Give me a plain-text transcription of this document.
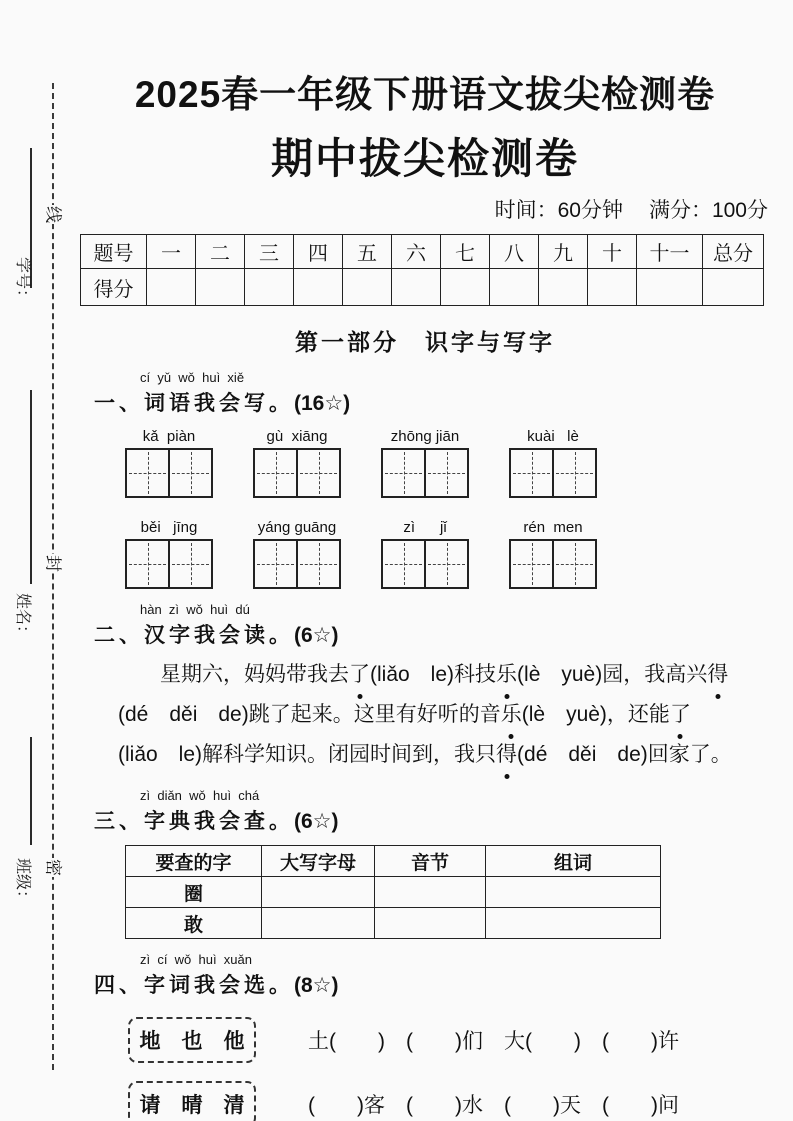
线
封
密
学号：
姓名：
班级：
2025春一年级下册语文拔尖检测卷
期中拔尖检测卷
时间：60分钟 满分：100分
题号	一	二	三	四	五	六	七	八	九	十	十一	总分
得分												
第一部分　识字与写字
cí  yǔ  wǒ  huì  xiě
一、词语我会写。(16☆)
kǎ  piàn	gù  xiāng	zhōng jiān	kuài   lè
běi   jīng	yáng guāng	zì      jǐ	rén  men
hàn  zì  wǒ  huì  dú
二、汉字我会读。(6☆)
星期六，妈妈带我去了(liǎo　le)科技乐(lè　yuè)园，我高兴得
(dé　děi　de)跳了起来。这里有好听的音乐(lè　yuè)，还能了
(liǎo　le)解科学知识。闭园时间到，我只得(dé　děi　de)回家了。
zì  diǎn  wǒ  huì  chá
三、字典我会查。(6☆)
要查的字	大写字母	音节	组词
圈			
敢			
zì  cí  wǒ  huì  xuǎn
四、字词我会选。(8☆)
地　也　他	土(　　)　(　　)们　大(　　)　(　　)许
请　晴　清	(　　)客　(　　)水　(　　)天　(　　)问
